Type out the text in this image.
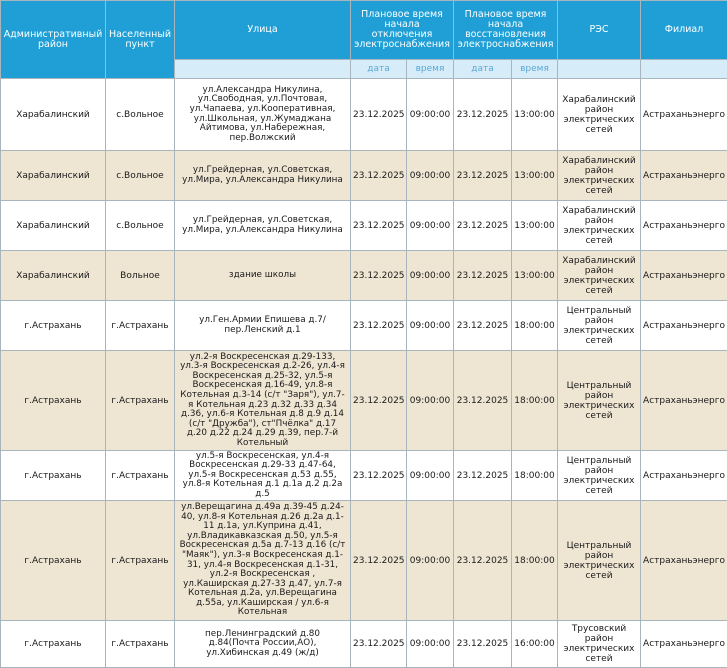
Административный район	Населенный пункт	Улица	Плановое время начала отключения электроснабжения		Плановое время начала восстановления электроснабжения		РЭС	Филиал
			дата	время	дата	время		
Харабалинский	с.Вольное	ул.Александра Никулина, ул.Свободная, ул.Почтовая, ул.Чапаева, ул.Кооперативная, ул.Школьная, ул.Жумаджана Айтимова, ул.Набережная, пер.Волжский	23.12.2025	09:00:00	23.12.2025	13:00:00	Харабалинский район электрических сетей	Астраханьэнерго
Харабалинский	с.Вольное	ул.Грейдерная, ул.Советская, ул.Мира, ул.Александра Никулина	23.12.2025	09:00:00	23.12.2025	13:00:00	Харабалинский район электрических сетей	Астраханьэнерго
Харабалинский	с.Вольное	ул.Грейдерная, ул.Советская, ул.Мира, ул.Александра Никулина	23.12.2025	09:00:00	23.12.2025	13:00:00	Харабалинский район электрических сетей	Астраханьэнерго
Харабалинский	Вольное	здание школы	23.12.2025	09:00:00	23.12.2025	13:00:00	Харабалинский район электрических сетей	Астраханьэнерго
г.Астрахань	г.Астрахань	ул.Ген.Армии Епишева д.7/ пер.Ленский д.1	23.12.2025	09:00:00	23.12.2025	18:00:00	Центральный район электрических сетей	Астраханьэнерго
г.Астрахань	г.Астрахань	ул.2-я Воскресенская д.29-133, ул.3-я Воскресенская д.2-26, ул.4-я Воскресенская д.25-32, ул.5-я Воскресенская д.16-49, ул.8-я Котельная д.3-14 (с/т "Заря"), ул.7-я Котельная д.23 д.32 д.33 д.34 д.36, ул.6-я Котельная д.8 д.9 д.14 (с/т "Дружба"), ст"Пчёлка" д.17 д.20 д.22 д.24 д.29 д.39, пер.7-й Котельный	23.12.2025	09:00:00	23.12.2025	18:00:00	Центральный район электрических сетей	Астраханьэнерго
г.Астрахань	г.Астрахань	ул.5-я Воскресенская, ул.4-я Воскресенская д.29-33 д.47-64, ул.5-я Воскресенская д.53 д.55, ул.8-я Котельная д.1 д.1а д.2 д.2а д.5	23.12.2025	09:00:00	23.12.2025	18:00:00	Центральный район электрических сетей	Астраханьэнерго
г.Астрахань	г.Астрахань	ул.Верещагина д.49а д.39-45 д.24-40, ул.8-я Котельная д.26 д.2а д.1-11 д.1а, ул.Куприна д.41, ул.Владикавказская д.50, ул.5-я Воскресенская д.5а д.7-13 д.16 (с/т "Маяк"), ул.3-я Воскресенская д.1-31, ул.4-я Воскресенская д.1-31, ул.2-я Воскресенская , ул.Каширская д.27-33 д.47, ул.7-я Котельная д.2а, ул.Верещагина д.55а, ул.Каширская / ул.6-я Котельная	23.12.2025	09:00:00	23.12.2025	18:00:00	Центральный район электрических сетей	Астраханьэнерго
г.Астрахань	г.Астрахань	пер.Ленинградский д.80 д.84(Почта России,АО), ул.Хибинская д.49 (ж/д)	23.12.2025	09:00:00	23.12.2025	16:00:00	Трусовский район электрических сетей	Астраханьэнерго
